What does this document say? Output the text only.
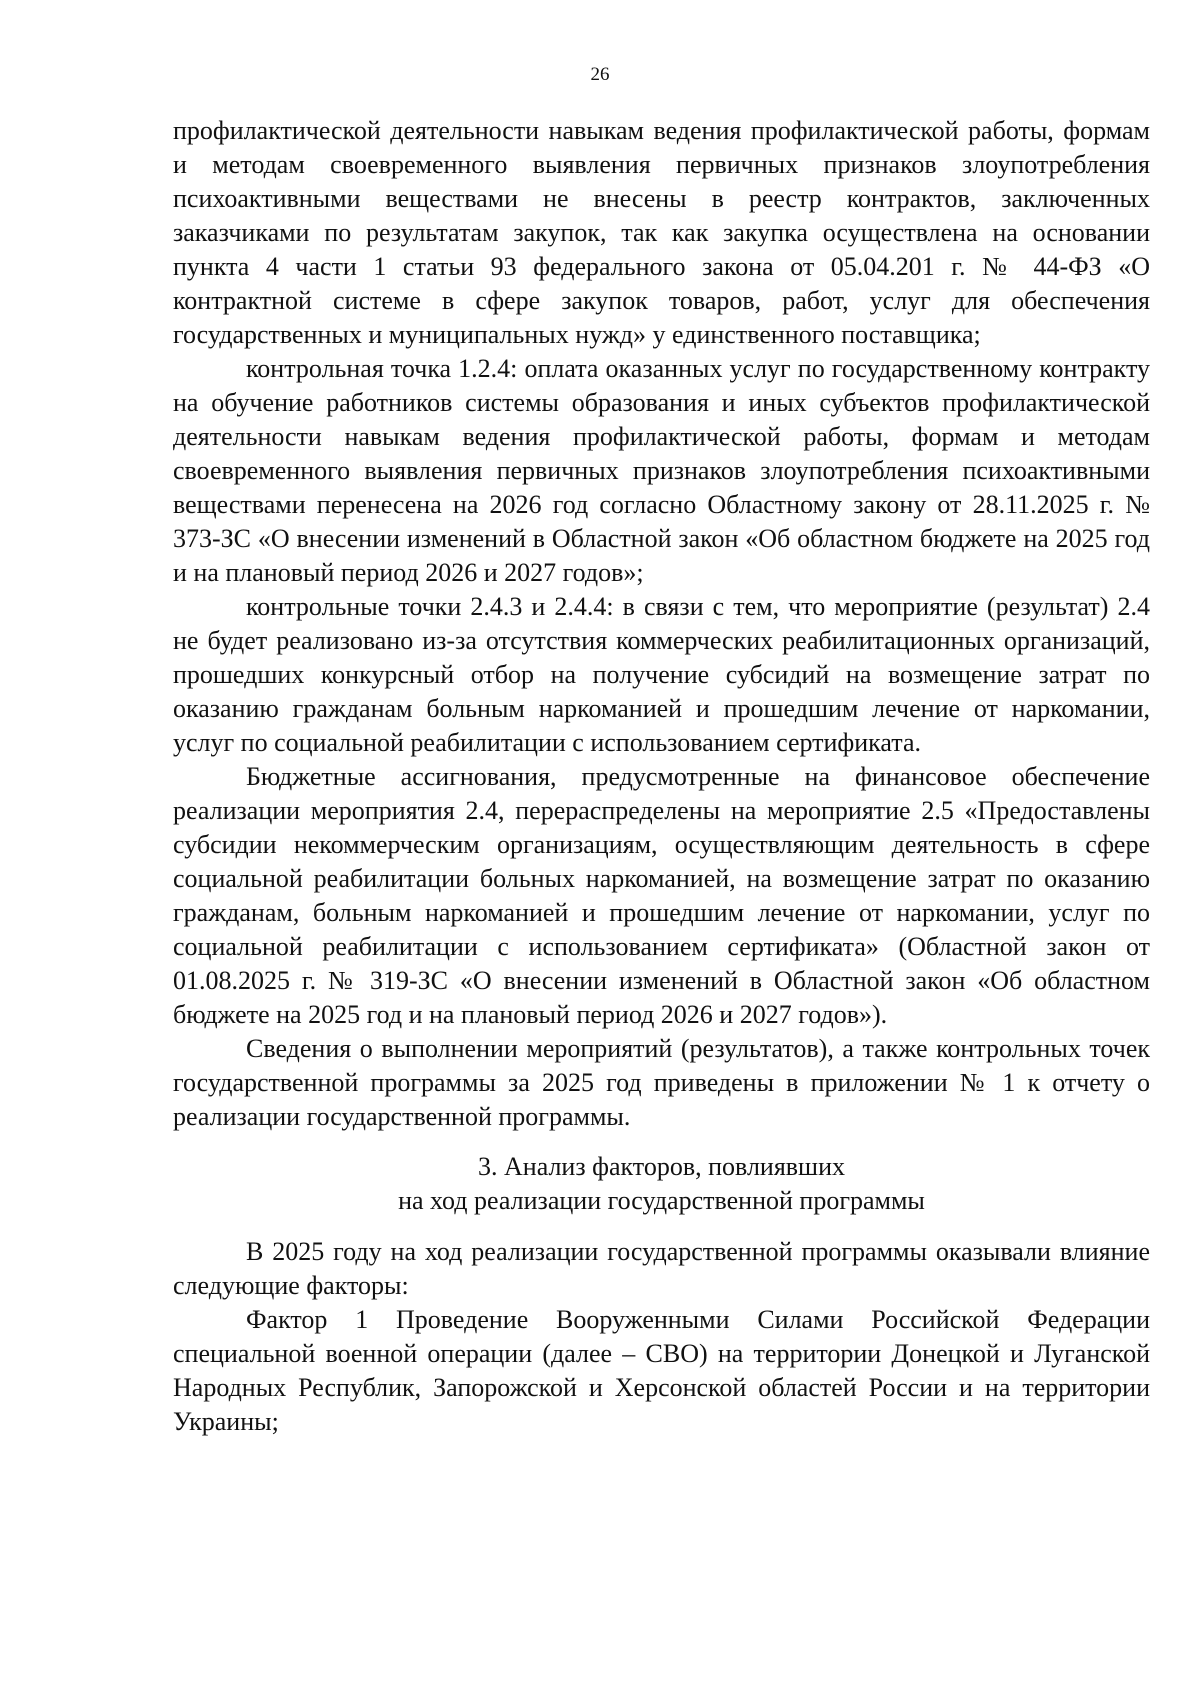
26

профилактической деятельности навыкам ведения профилактической работы, формам и методам своевременного выявления первичных признаков злоупотребления психоактивными веществами не внесены в реестр контрактов, заключенных заказчиками по результатам закупок, так как закупка осуществлена на основании пункта 4 части 1 статьи 93 федерального закона от 05.04.201 г. № 44-ФЗ «О контрактной системе в сфере закупок товаров, работ, услуг для обеспечения государственных и муниципальных нужд» у единственного поставщика;

контрольная точка 1.2.4: оплата оказанных услуг по государственному контракту на обучение работников системы образования и иных субъектов профилактической деятельности навыкам ведения профилактической работы, формам и методам своевременного выявления первичных признаков злоупотребления психоактивными веществами перенесена на 2026 год согласно Областному закону от 28.11.2025 г. № 373-ЗС «О внесении изменений в Областной закон «Об областном бюджете на 2025 год и на плановый период 2026 и 2027 годов»;

контрольные точки 2.4.3 и 2.4.4: в связи с тем, что мероприятие (результат) 2.4 не будет реализовано из-за отсутствия коммерческих реабилитационных организаций, прошедших конкурсный отбор на получение субсидий на возмещение затрат по оказанию гражданам больным наркоманией и прошедшим лечение от наркомании, услуг по социальной реабилитации с использованием сертификата.

Бюджетные ассигнования, предусмотренные на финансовое обеспечение реализации мероприятия 2.4, перераспределены на мероприятие 2.5 «Предоставлены субсидии некоммерческим организациям, осуществляющим деятельность в сфере социальной реабилитации больных наркоманией, на возмещение затрат по оказанию гражданам, больным наркоманией и прошедшим лечение от наркомании, услуг по социальной реабилитации с использованием сертификата» (Областной закон от 01.08.2025 г. № 319-ЗС «О внесении изменений в Областной закон «Об областном бюджете на 2025 год и на плановый период 2026 и 2027 годов»).

Сведения о выполнении мероприятий (результатов), а также контрольных точек государственной программы за 2025 год приведены в приложении № 1 к отчету о реализации государственной программы.

3. Анализ факторов, повлиявших
на ход реализации государственной программы

В 2025 году на ход реализации государственной программы оказывали влияние следующие факторы:

Фактор 1 Проведение Вооруженными Силами Российской Федерации специальной военной операции (далее – СВО) на территории Донецкой и Луганской Народных Республик, Запорожской и Херсонской областей России и на территории Украины;
